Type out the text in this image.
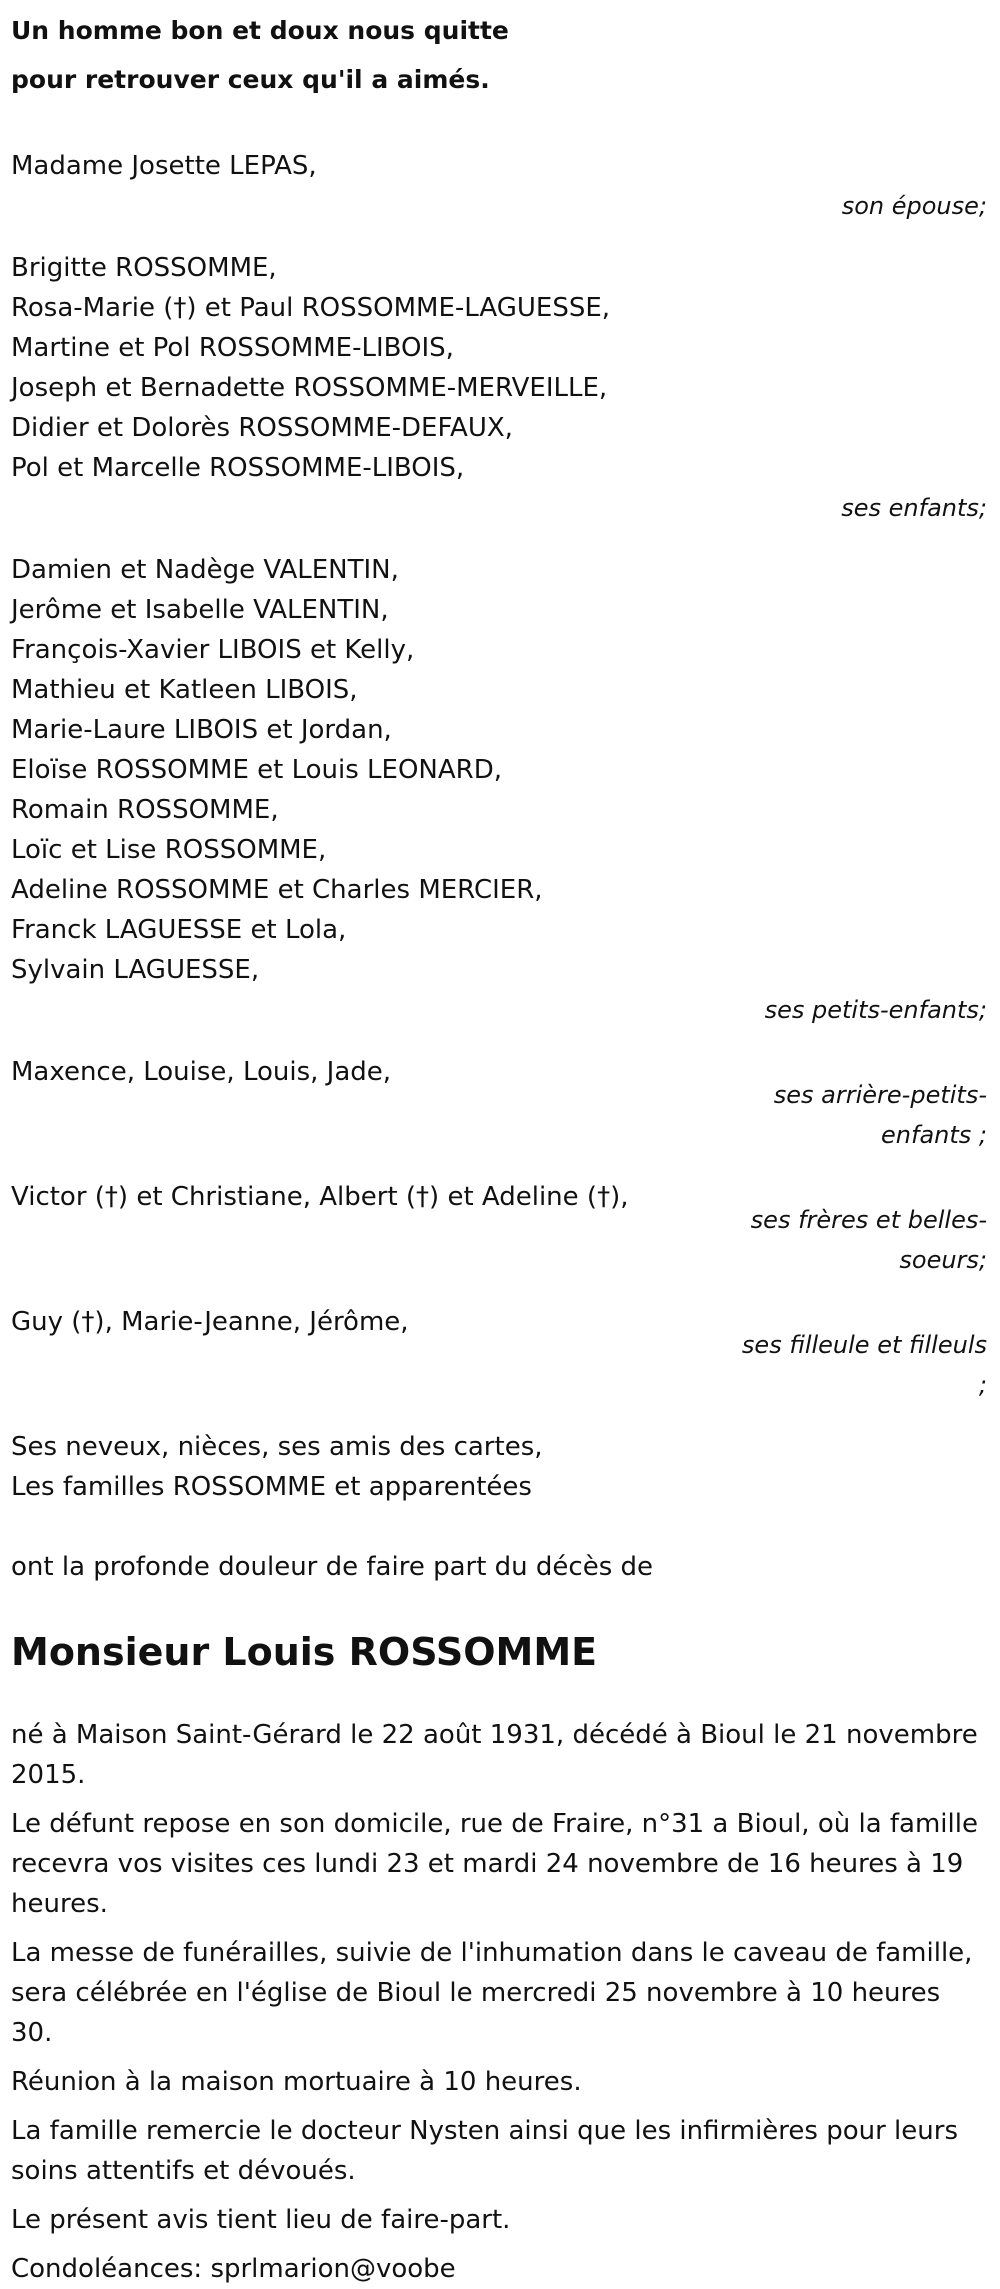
Un homme bon et doux nous quitte
pour retrouver ceux qu'il a aimés.

Madame Josette LEPAS,
son épouse;
Brigitte ROSSOMME,
Rosa-Marie (†) et Paul ROSSOMME-LAGUESSE,
Martine et Pol ROSSOMME-LIBOIS,
Joseph et Bernadette ROSSOMME-MERVEILLE,
Didier et Dolorès ROSSOMME-DEFAUX,
Pol et Marcelle ROSSOMME-LIBOIS,
ses enfants;
Damien et Nadège VALENTIN,
Jerôme et Isabelle VALENTIN,
François-Xavier LIBOIS et Kelly,
Mathieu et Katleen LIBOIS,
Marie-Laure LIBOIS et Jordan,
Eloïse ROSSOMME et Louis LEONARD,
Romain ROSSOMME,
Loïc et Lise ROSSOMME,
Adeline ROSSOMME et Charles MERCIER,
Franck LAGUESSE et Lola,
Sylvain LAGUESSE,
ses petits-enfants;
Maxence, Louise, Louis, Jade,
ses arrière-petits-enfants ;
Victor (†) et Christiane, Albert (†) et Adeline (†),
ses frères et belles-soeurs;
Guy (†), Marie-Jeanne, Jérôme,
ses filleule et filleuls ;
Ses neveux, nièces, ses amis des cartes,
Les familles ROSSOMME et apparentées
ont la profonde douleur de faire part du décès de
Monsieur Louis ROSSOMME

né à Maison Saint-Gérard le 22 août 1931, décédé à Bioul le 21 novembre 2015.

Le défunt repose en son domicile, rue de Fraire, n°31 a Bioul, où la famille recevra vos visites ces lundi 23 et mardi 24 novembre de 16 heures à 19 heures.

La messe de funérailles, suivie de l'inhumation dans le caveau de famille, sera célébrée en l'église de Bioul le mercredi 25 novembre à 10 heures 30.

Réunion à la maison mortuaire à 10 heures.

La famille remercie le docteur Nysten ainsi que les infirmières pour leurs soins attentifs et dévoués.

Le présent avis tient lieu de faire-part.

Condoléances: sprlmarion@voobe
